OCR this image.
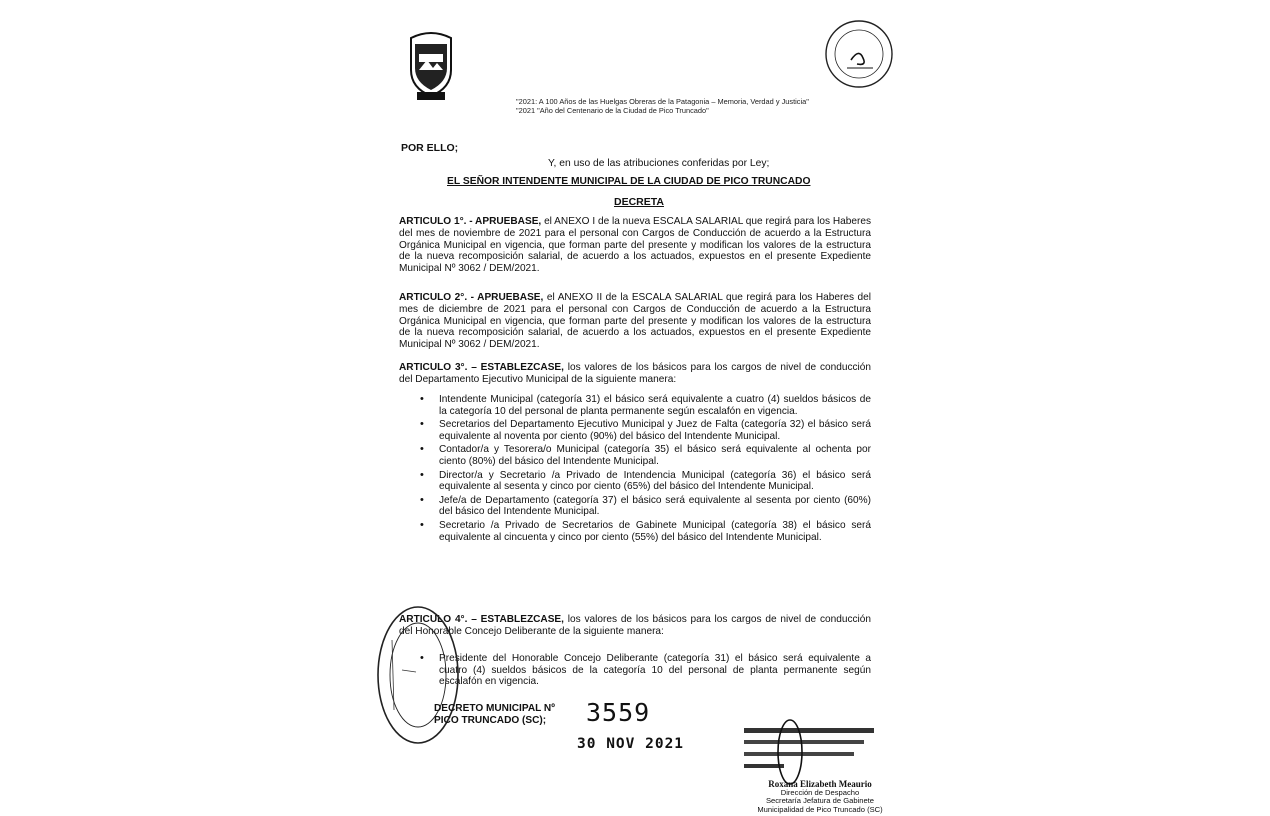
"2021: A 100 Años de las Huelgas Obreras de la Patagonia – Memoria, Verdad y Justicia"
"2021 "Año del Centenario de la Ciudad de Pico Truncado"
POR ELLO;
Y, en uso de las atribuciones conferidas por Ley;
EL SEÑOR INTENDENTE MUNICIPAL DE LA CIUDAD DE PICO TRUNCADO
DECRETA
ARTICULO 1°. - APRUEBASE, el ANEXO I de la nueva ESCALA SALARIAL que regirá para los Haberes del mes de noviembre de 2021 para el personal con Cargos de Conducción de acuerdo a la Estructura Orgánica Municipal en vigencia, que forman parte del presente y modifican los valores de la estructura de la nueva recomposición salarial, de acuerdo a los actuados, expuestos en el presente Expediente Municipal Nº 3062 / DEM/2021.
ARTICULO 2°. - APRUEBASE, el ANEXO II de la ESCALA SALARIAL que regirá para los Haberes del mes de diciembre de 2021 para el personal con Cargos de Conducción de acuerdo a la Estructura Orgánica Municipal en vigencia, que forman parte del presente y modifican los valores de la estructura de la nueva recomposición salarial, de acuerdo a los actuados, expuestos en el presente Expediente Municipal Nº 3062 / DEM/2021.
ARTICULO 3°. – ESTABLEZCASE, los valores de los básicos para los cargos de nivel de conducción del Departamento Ejecutivo Municipal de la siguiente manera:
• Intendente Municipal (categoría 31) el básico será equivalente a cuatro (4) sueldos básicos de la categoría 10 del personal de planta permanente según escalafón en vigencia.
• Secretarios del Departamento Ejecutivo Municipal y Juez de Falta (categoría 32) el básico será equivalente al noventa por ciento (90%) del básico del Intendente Municipal.
• Contador/a y Tesorera/o Municipal (categoría 35) el básico será equivalente al ochenta por ciento (80%) del básico del Intendente Municipal.
• Director/a y Secretario /a Privado de Intendencia Municipal (categoría 36) el básico será equivalente al sesenta y cinco por ciento (65%) del básico del Intendente Municipal.
• Jefe/a de Departamento (categoría 37) el básico será equivalente al sesenta por ciento (60%) del básico del Intendente Municipal.
• Secretario /a Privado de Secretarios de Gabinete Municipal (categoría 38) el básico será equivalente al cincuenta y cinco por ciento (55%) del básico del Intendente Municipal.
ARTICULO 4°. – ESTABLEZCASE, los valores de los básicos para los cargos de nivel de conducción del Honorable Concejo Deliberante de la siguiente manera:
• Presidente del Honorable Concejo Deliberante (categoría 31) el básico será equivalente a cuatro (4) sueldos básicos de la categoría 10 del personal de planta permanente según escalafón en vigencia.
DECRETO MUNICIPAL Nº
PICO TRUNCADO (SC);	3559
30 NOV 2021
Roxana Elizabeth Meaurio
Dirección de Despacho
Secretaría Jefatura de Gabinete
Municipalidad de Pico Truncado (SC)
